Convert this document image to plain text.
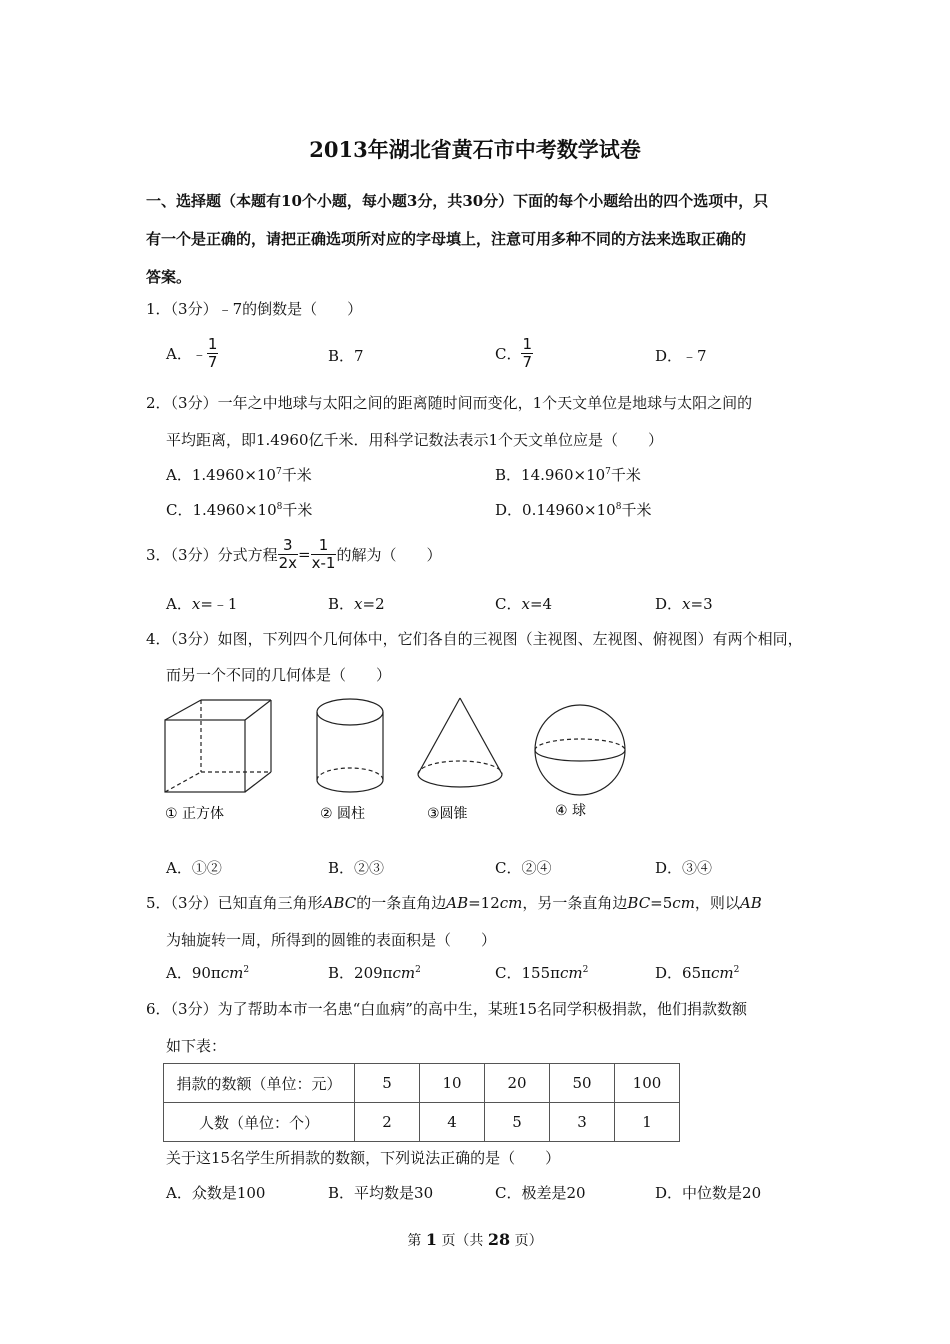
2013年湖北省黄石市中考数学试卷
一、选择题（本题有10个小题，每小题3分，共30分）下面的每个小题给出的四个选项中，只
有一个是正确的，请把正确选项所对应的字母填上，注意可用多种不同的方法来选取正确的
答案。
1．（3分）﹣7的倒数是（　　）
A．﹣ $\frac{1}{7}$	B．7	C． $\frac{1}{7}$	D．﹣7
2．（3分）一年之中地球与太阳之间的距离随时间而变化，1个天文单位是地球与太阳之间的
平均距离，即1.4960亿千米．用科学记数法表示1个天文单位应是（　　）
A．$1.4960\times 10^7$千米	B．$14.960\times 10^7$千米
C．$1.4960\times 10^8$千米	D．$0.14960\times 10^8$千米
3．（3分）分式方程 $\frac{3}{2x} = \frac{1}{x-1}$ 的解为（　　）
A．x=﹣1	B．x=2	C．x=4	D．x=3
4．（3分）如图，下列四个几何体中，它们各自的三视图（主视图、左视图、俯视图）有两个相同，
而另一个不同的几何体是（　　）
① 正方体	② 圆柱	③圆锥	④ 球
A．①②	B．②③	C．②④	D．③④
5．（3分）已知直角三角形ABC的一条直角边AB=12cm，另一条直角边BC=5cm，则以AB
为轴旋转一周，所得到的圆锥的表面积是（　　）
A．90πcm$^2$	B．209πcm$^2$	C．155πcm$^2$	D．65πcm$^2$
6．（3分）为了帮助本市一名患“白血病”的高中生，某班15名同学积极捐款，他们捐款数额
如下表：
捐款的数额（单位：元）	5	10	20	50	100
人数（单位：个）	2	4	5	3	1
关于这15名学生所捐款的数额，下列说法正确的是（　　）
A．众数是100	B．平均数是30	C．极差是20	D．中位数是20
第 1 页（共 28 页）
